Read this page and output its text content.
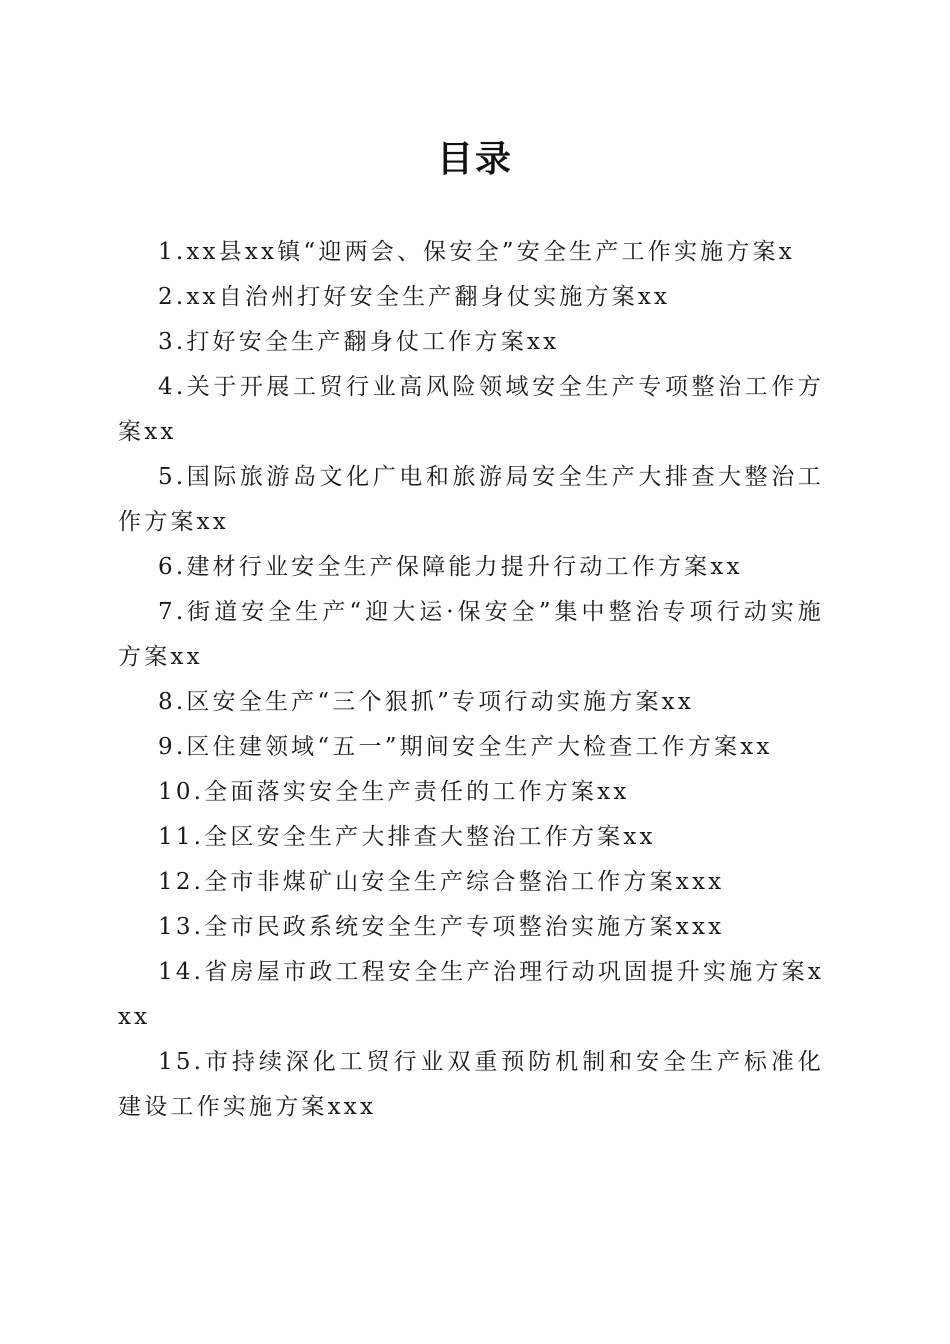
目录

1.xx县xx镇“迎两会、保安全”安全生产工作实施方案x

2.xx自治州打好安全生产翻身仗实施方案xx

3.打好安全生产翻身仗工作方案xx

4.关于开展工贸行业高风险领域安全生产专项整治工作方案xx

5.国际旅游岛文化广电和旅游局安全生产大排查大整治工作方案xx

6.建材行业安全生产保障能力提升行动工作方案xx

7.街道安全生产“迎大运·保安全”集中整治专项行动实施方案xx

8.区安全生产“三个狠抓”专项行动实施方案xx

9.区住建领域“五一”期间安全生产大检查工作方案xx

10.全面落实安全生产责任的工作方案xx

11.全区安全生产大排查大整治工作方案xx

12.全市非煤矿山安全生产综合整治工作方案xxx

13.全市民政系统安全生产专项整治实施方案xxx

14.省房屋市政工程安全生产治理行动巩固提升实施方案xxx

15.市持续深化工贸行业双重预防机制和安全生产标准化建设工作实施方案xxx
